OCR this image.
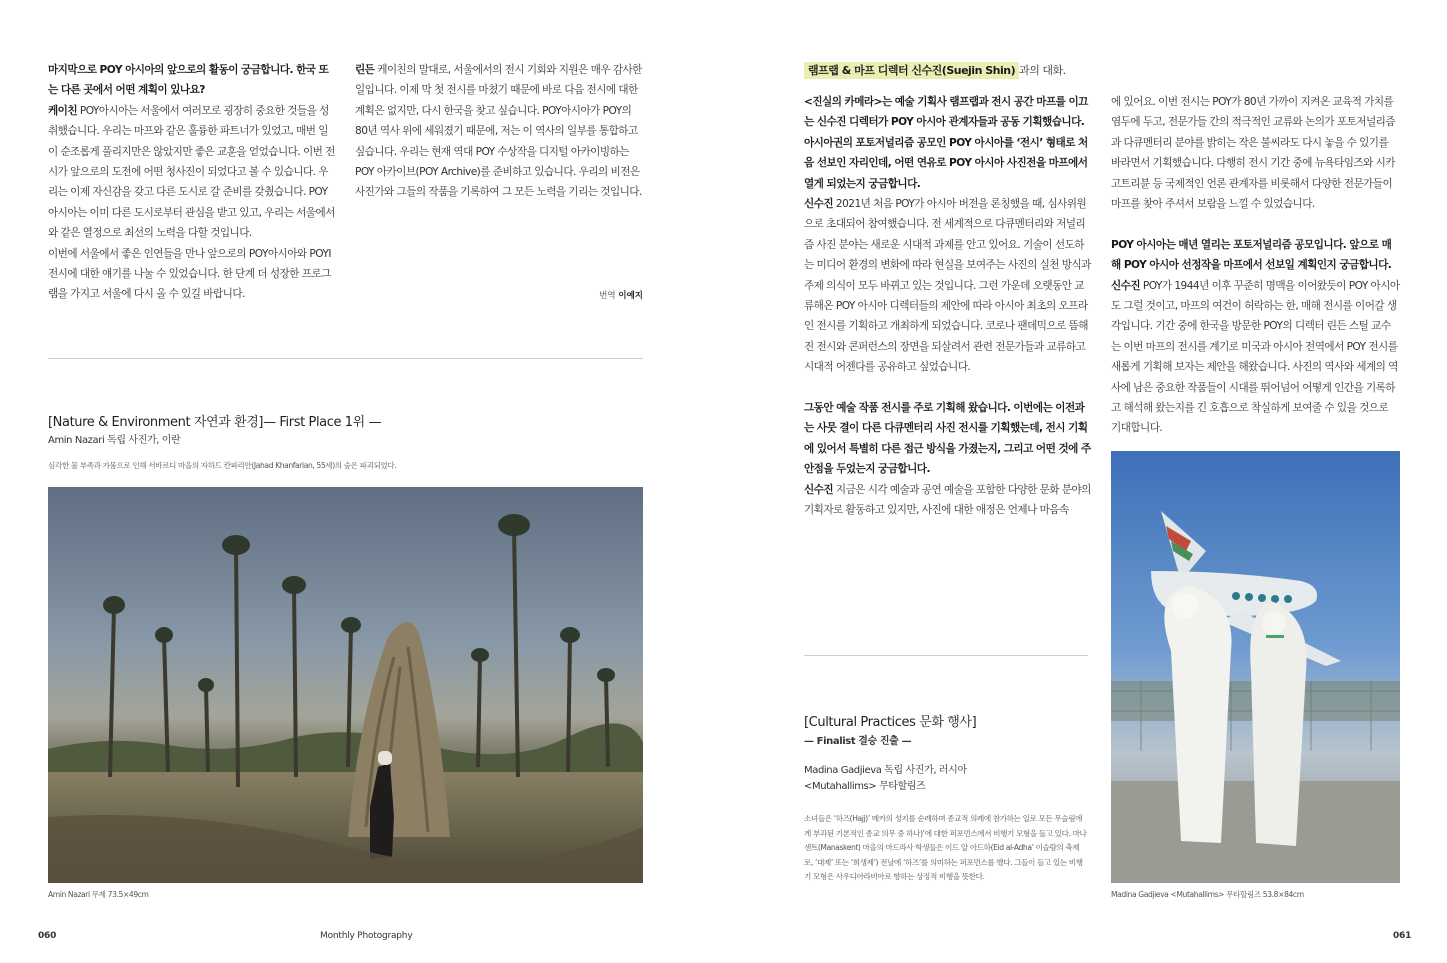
마지막으로 POY 아시아의 앞으로의 활동이 궁금합니다. 한국 또는 다른 곳에서 어떤 계획이 있나요?

케이친 POY아시아는 서울에서 여러모로 굉장히 중요한 것들을 성취했습니다. 우리는 마프와 같은 훌륭한 파트너가 있었고, 매번 일이 순조롭게 풀리지만은 않았지만 좋은 교훈을 얻었습니다. 이번 전시가 앞으로의 도전에 어떤 청사진이 되었다고 볼 수 있습니다. 우리는 이제 자신감을 갖고 다른 도시로 갈 준비를 갖췄습니다. POY아시아는 이미 다른 도시로부터 관심을 받고 있고, 우리는 서울에서와 같은 열정으로 최선의 노력을 다할 것입니다.

이번에 서울에서 좋은 인연들을 만나 앞으로의 POY아시아와 POYI 전시에 대한 얘기를 나눌 수 있었습니다. 한 단계 더 성장한 프로그램을 가지고 서울에 다시 올 수 있길 바랍니다.

린든 케이친의 말대로, 서울에서의 전시 기회와 지원은 매우 감사한 일입니다. 이제 막 첫 전시를 마쳤기 때문에 바로 다음 전시에 대한 계획은 없지만, 다시 한국을 찾고 싶습니다. POY아시아가 POY의 80년 역사 위에 세워졌기 때문에, 저는 이 역사의 일부를 통합하고 싶습니다. 우리는 현재 역대 POY 수상작을 디지털 아카이빙하는 POY 아카이브(POY Archive)를 준비하고 있습니다. 우리의 비전은 사진가와 그들의 작품을 기록하여 그 모든 노력을 기리는 것입니다.

번역 이예지
[Nature & Environment 자연과 환경]— First Place 1위 —
Amin Nazari 독립 사진가, 이란
심각한 물 부족과 가뭄으로 인해 서바르디 마을의 자하드 칸파리안(Jahad Khanfarian, 55세)의 숲은 파괴되었다.
Amin Nazari 무제 73.5×49cm
060	Monthly Photography
램프랩 & 마프 디렉터 신수진(Suejin Shin) 과의 대화.

<진실의 카메라>는 예술 기획사 램프랩과 전시 공간 마프를 이끄는 신수진 디렉터가 POY 아시아 관계자들과 공동 기획했습니다. 아시아권의 포토저널리즘 공모인 POY 아시아를 ‘전시’ 형태로 처음 선보인 자리인데, 어떤 연유로 POY 아시아 사진전을 마프에서 열게 되었는지 궁금합니다.

신수진 2021년 처음 POY가 아시아 버전을 론칭했을 때, 심사위원으로 초대되어 참여했습니다. 전 세계적으로 다큐멘터리와 저널리즘 사진 분야는 새로운 시대적 과제를 안고 있어요. 기술이 선도하는 미디어 환경의 변화에 따라 현실을 보여주는 사진의 실천 방식과 주제 의식이 모두 바뀌고 있는 것입니다. 그런 가운데 오랫동안 교류해온 POY 아시아 디렉터들의 제안에 따라 아시아 최초의 오프라인 전시를 기획하고 개최하게 되었습니다. 코로나 팬데믹으로 뜸해진 전시와 콘퍼런스의 장면을 되살려서 관련 전문가들과 교류하고 시대적 어젠다를 공유하고 싶었습니다.

그동안 예술 작품 전시를 주로 기획해 왔습니다. 이번에는 이전과는 사뭇 결이 다른 다큐멘터리 사진 전시를 기획했는데, 전시 기획에 있어서 특별히 다른 접근 방식을 가졌는지, 그리고 어떤 것에 주안점을 두었는지 궁금합니다.

신수진 지금은 시각 예술과 공연 예술을 포함한 다양한 문화 분야의 기획자로 활동하고 있지만, 사진에 대한 애정은 언제나 마음속

에 있어요. 이번 전시는 POY가 80년 가까이 지켜온 교육적 가치를 염두에 두고, 전문가들 간의 적극적인 교류와 논의가 포토저널리즘과 다큐멘터리 분야를 밝히는 작은 불씨라도 다시 놓을 수 있기를 바라면서 기획했습니다. 다행히 전시 기간 중에 뉴욕타임즈와 시카고트리뷴 등 국제적인 언론 관계자를 비롯해서 다양한 전문가들이 마프를 찾아 주셔서 보람을 느낄 수 있었습니다.

POY 아시아는 매년 열리는 포토저널리즘 공모입니다. 앞으로 매해 POY 아시아 선정작을 마프에서 선보일 계획인지 궁금합니다.

신수진 POY가 1944년 이후 꾸준히 명맥을 이어왔듯이 POY 아시아도 그럴 것이고, 마프의 여건이 허락하는 한, 매해 전시를 이어갈 생각입니다. 기간 중에 한국을 방문한 POY의 디렉터 린든 스틸 교수는 이번 마프의 전시를 계기로 미국과 아시아 전역에서 POY 전시를 새롭게 기획해 보자는 제안을 해왔습니다. 사진의 역사와 세계의 역사에 남은 중요한 작품들이 시대를 뛰어넘어 어떻게 인간을 기록하고 해석해 왔는지를 긴 호흡으로 착실하게 보여줄 수 있을 것으로 기대합니다.

[Cultural Practices 문화 행사]
— Finalist 결승 진출 —
Madina Gadjieva 독립 사진가, 러시아
<Mutahallims> 무타할림즈
소녀들은 ‘하즈(Hajj)’ 메카의 성지를 순례하며 종교적 의례에 참가하는 일로 모든 무슬림에게 부과된 기본적인 종교 의무 중 하나)’에 대한 퍼포먼스에서 비행기 모형을 들고 있다. 마나센트(Manaskent) 마을의 마드라사 학생들은 이드 알 아드하(Eid al-Adha’ 이슬람의 축제로, ‘대제’ 또는 ‘희생제’) 전날에 ‘하즈’를 의미하는 퍼포먼스를 했다. 그들이 들고 있는 비행기 모형은 사우디아라비아로 향하는 상징적 비행을 뜻한다.
Madina Gadjieva <Mutahallims> 무타할림즈 53.8×84cm
061
